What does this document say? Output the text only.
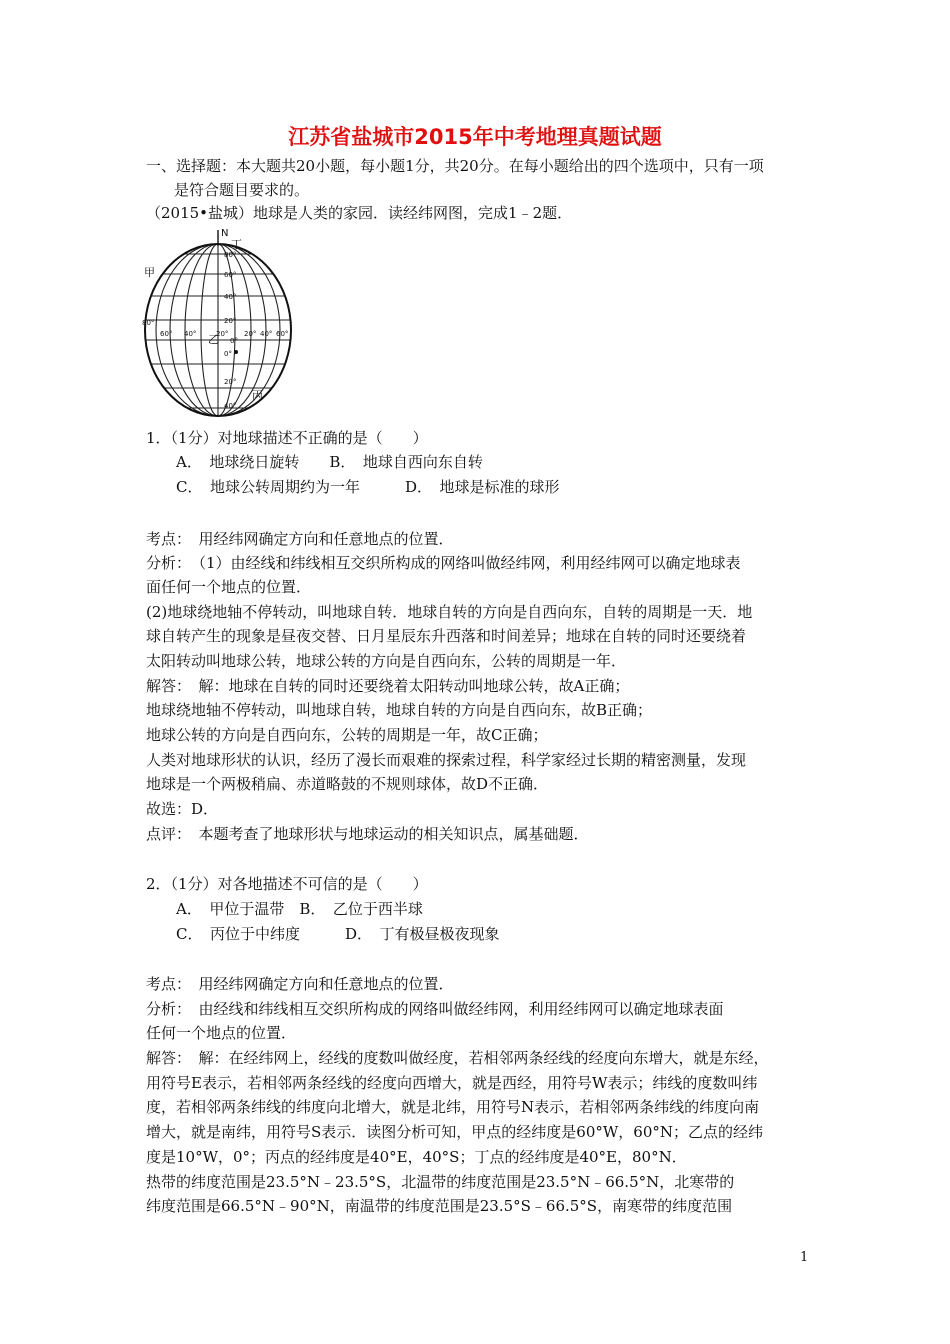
江苏省盐城市2015年中考地理真题试题
一、选择题：本大题共20小题，每小题1分，共20分。在每小题给出的四个选项中，只有一项
是符合题目要求的。
（2015•盐城）地球是人类的家园．读经纬网图，完成1﹣2题．
N
甲
丁
乙
丙
80°
60°
40°
20°
0°
20°
40°
80°
60° 40°	20°
0°
20° 40° 60°
1．（1分）对地球描述不正确的是（　　）
A．　地球绕日旋转　　B．　地球自西向东自转
C．　地球公转周期约为一年　　　D．　地球是标准的球形
考点：　用经纬网确定方向和任意地点的位置．
分析：　（1）由经线和纬线相互交织所构成的网络叫做经纬网，利用经纬网可以确定地球表
面任何一个地点的位置．
(2)地球绕地轴不停转动，叫地球自转．地球自转的方向是自西向东，自转的周期是一天．地
球自转产生的现象是昼夜交替、日月星辰东升西落和时间差异；地球在自转的同时还要绕着
太阳转动叫地球公转，地球公转的方向是自西向东，公转的周期是一年．
解答：　解：地球在自转的同时还要绕着太阳转动叫地球公转，故A正确；
地球绕地轴不停转动，叫地球自转，地球自转的方向是自西向东，故B正确；
地球公转的方向是自西向东，公转的周期是一年，故C正确；
人类对地球形状的认识，经历了漫长而艰难的探索过程，科学家经过长期的精密测量，发现
地球是一个两极稍扁、赤道略鼓的不规则球体，故D不正确．
故选：D．
点评：　本题考查了地球形状与地球运动的相关知识点，属基础题．
2．（1分）对各地描述不可信的是（　　）
A．　甲位于温带　B．　乙位于西半球
C．　丙位于中纬度　　　D．　丁有极昼极夜现象
考点：　用经纬网确定方向和任意地点的位置．
分析：　由经线和纬线相互交织所构成的网络叫做经纬网，利用经纬网可以确定地球表面
任何一个地点的位置．
解答：　解：在经纬网上，经线的度数叫做经度，若相邻两条经线的经度向东增大，就是东经，
用符号E表示，若相邻两条经线的经度向西增大，就是西经，用符号W表示；纬线的度数叫纬
度，若相邻两条纬线的纬度向北增大，就是北纬，用符号N表示，若相邻两条纬线的纬度向南
增大，就是南纬，用符号S表示．读图分析可知，甲点的经纬度是60°W，60°N；乙点的经纬
度是10°W，0°；丙点的经纬度是40°E，40°S；丁点的经纬度是40°E，80°N．
热带的纬度范围是23.5°N﹣23.5°S，北温带的纬度范围是23.5°N﹣66.5°N，北寒带的
纬度范围是66.5°N﹣90°N，南温带的纬度范围是23.5°S﹣66.5°S，南寒带的纬度范围
1
